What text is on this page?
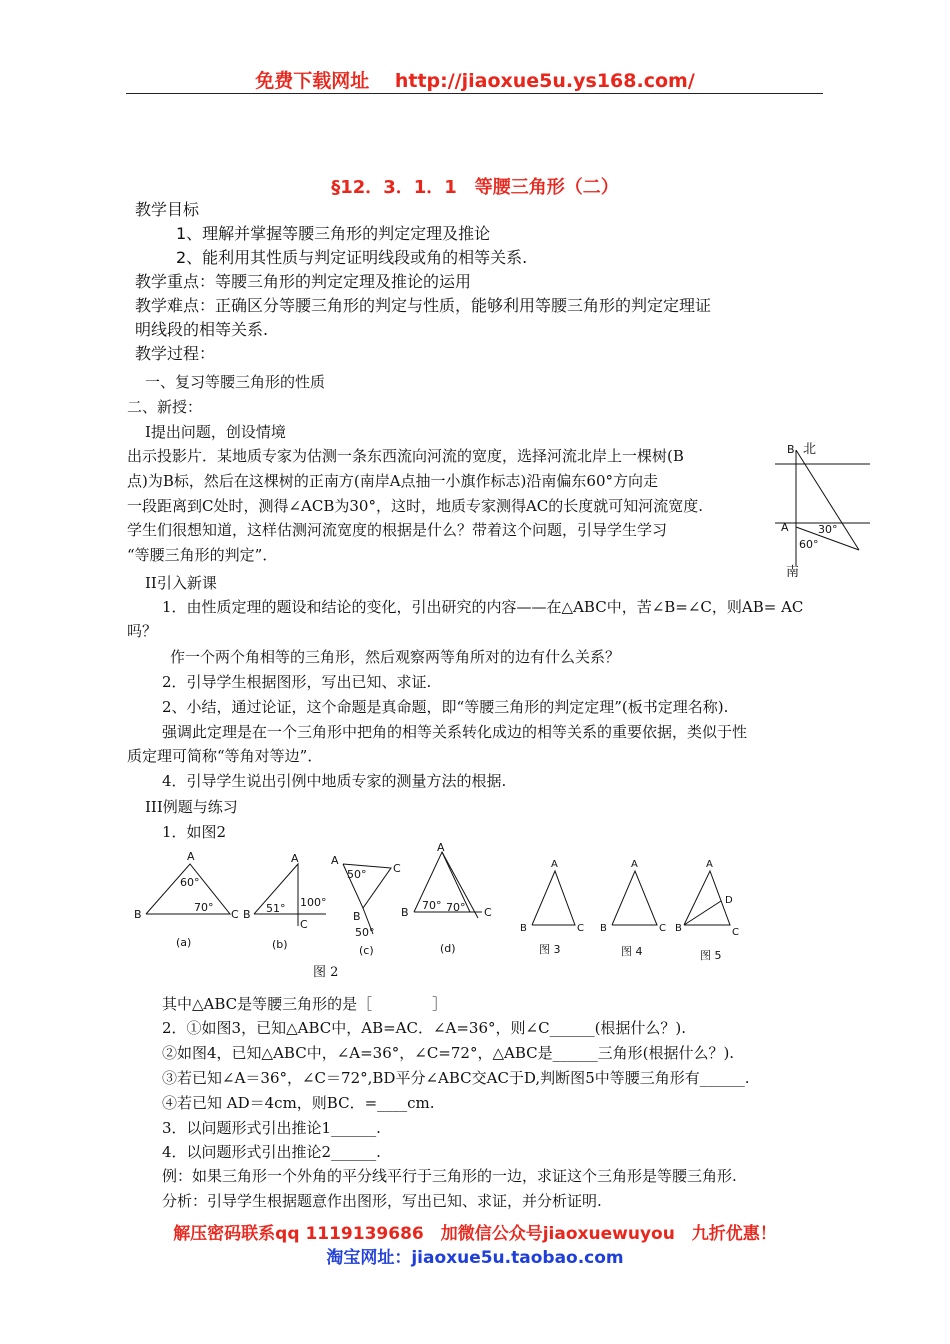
免费下载网址　 http://jiaoxue5u.ys168.com/
§12．3．1．1　等腰三角形（二）
教学目标
1、理解并掌握等腰三角形的判定定理及推论
2、能利用其性质与判定证明线段或角的相等关系.
教学重点：等腰三角形的判定定理及推论的运用
教学难点：正确区分等腰三角形的判定与性质，能够利用等腰三角形的判定定理证
明线段的相等关系.
教学过程：
一、复习等腰三角形的性质
二、新授：
I提出问题，创设情境
出示投影片．某地质专家为估测一条东西流向河流的宽度，选择河流北岸上一棵树(B
点)为B标，然后在这棵树的正南方(南岸A点抽一小旗作标志)沿南偏东60°方向走
一段距离到C处时，测得∠ACB为30°，这时，地质专家测得AC的长度就可知河流宽度.
学生们很想知道，这样估测河流宽度的根据是什么？带着这个问题，引导学生学习
“等腰三角形的判定”．
B 北
A	30°
60°
南
II引入新课
1．由性质定理的题设和结论的变化，引出研究的内容——在△ABC中，苦∠B=∠C，则AB= AC
吗？
作一个两个角相等的三角形，然后观察两等角所对的边有什么关系？
2．引导学生根据图形，写出已知、求证.
2、小结，通过论证，这个命题是真命题，即“等腰三角形的判定定理”(板书定理名称).
强调此定理是在一个三角形中把角的相等关系转化成边的相等关系的重要依据，类似于性
质定理可简称“等角对等边”．
4．引导学生说出引例中地质专家的测量方法的根据.
III例题与练习
1．如图2
A
B	C
60°
70°
(a)
A
B
C
51° 100°
(b)
A
B
C
50°
50°
(c)
A
B	C
70° 70°
(d)
图 2
A
B	C
图 3
A
B	C
图 4
A
B	C
D
图 5
其中△ABC是等腰三角形的是［　　　　］
2．①如图3，已知△ABC中，AB=AC．∠A=36°，则∠C______(根据什么？).
②如图4，已知△ABC中，∠A=36°，∠C=72°，△ABC是______三角形(根据什么？).
③若已知∠A＝36°，∠C＝72°,BD平分∠ABC交AC于D,判断图5中等腰三角形有______.
④若已知 AD＝4cm，则BC．=____cm.
3．以问题形式引出推论1______.
4．以问题形式引出推论2______.
例：如果三角形一个外角的平分线平行于三角形的一边，求证这个三角形是等腰三角形.
分析：引导学生根据题意作出图形，写出已知、求证，并分析证明.
解压密码联系qq 1119139686　加微信公众号jiaoxuewuyou　九折优惠！
淘宝网址：jiaoxue5u.taobao.com
